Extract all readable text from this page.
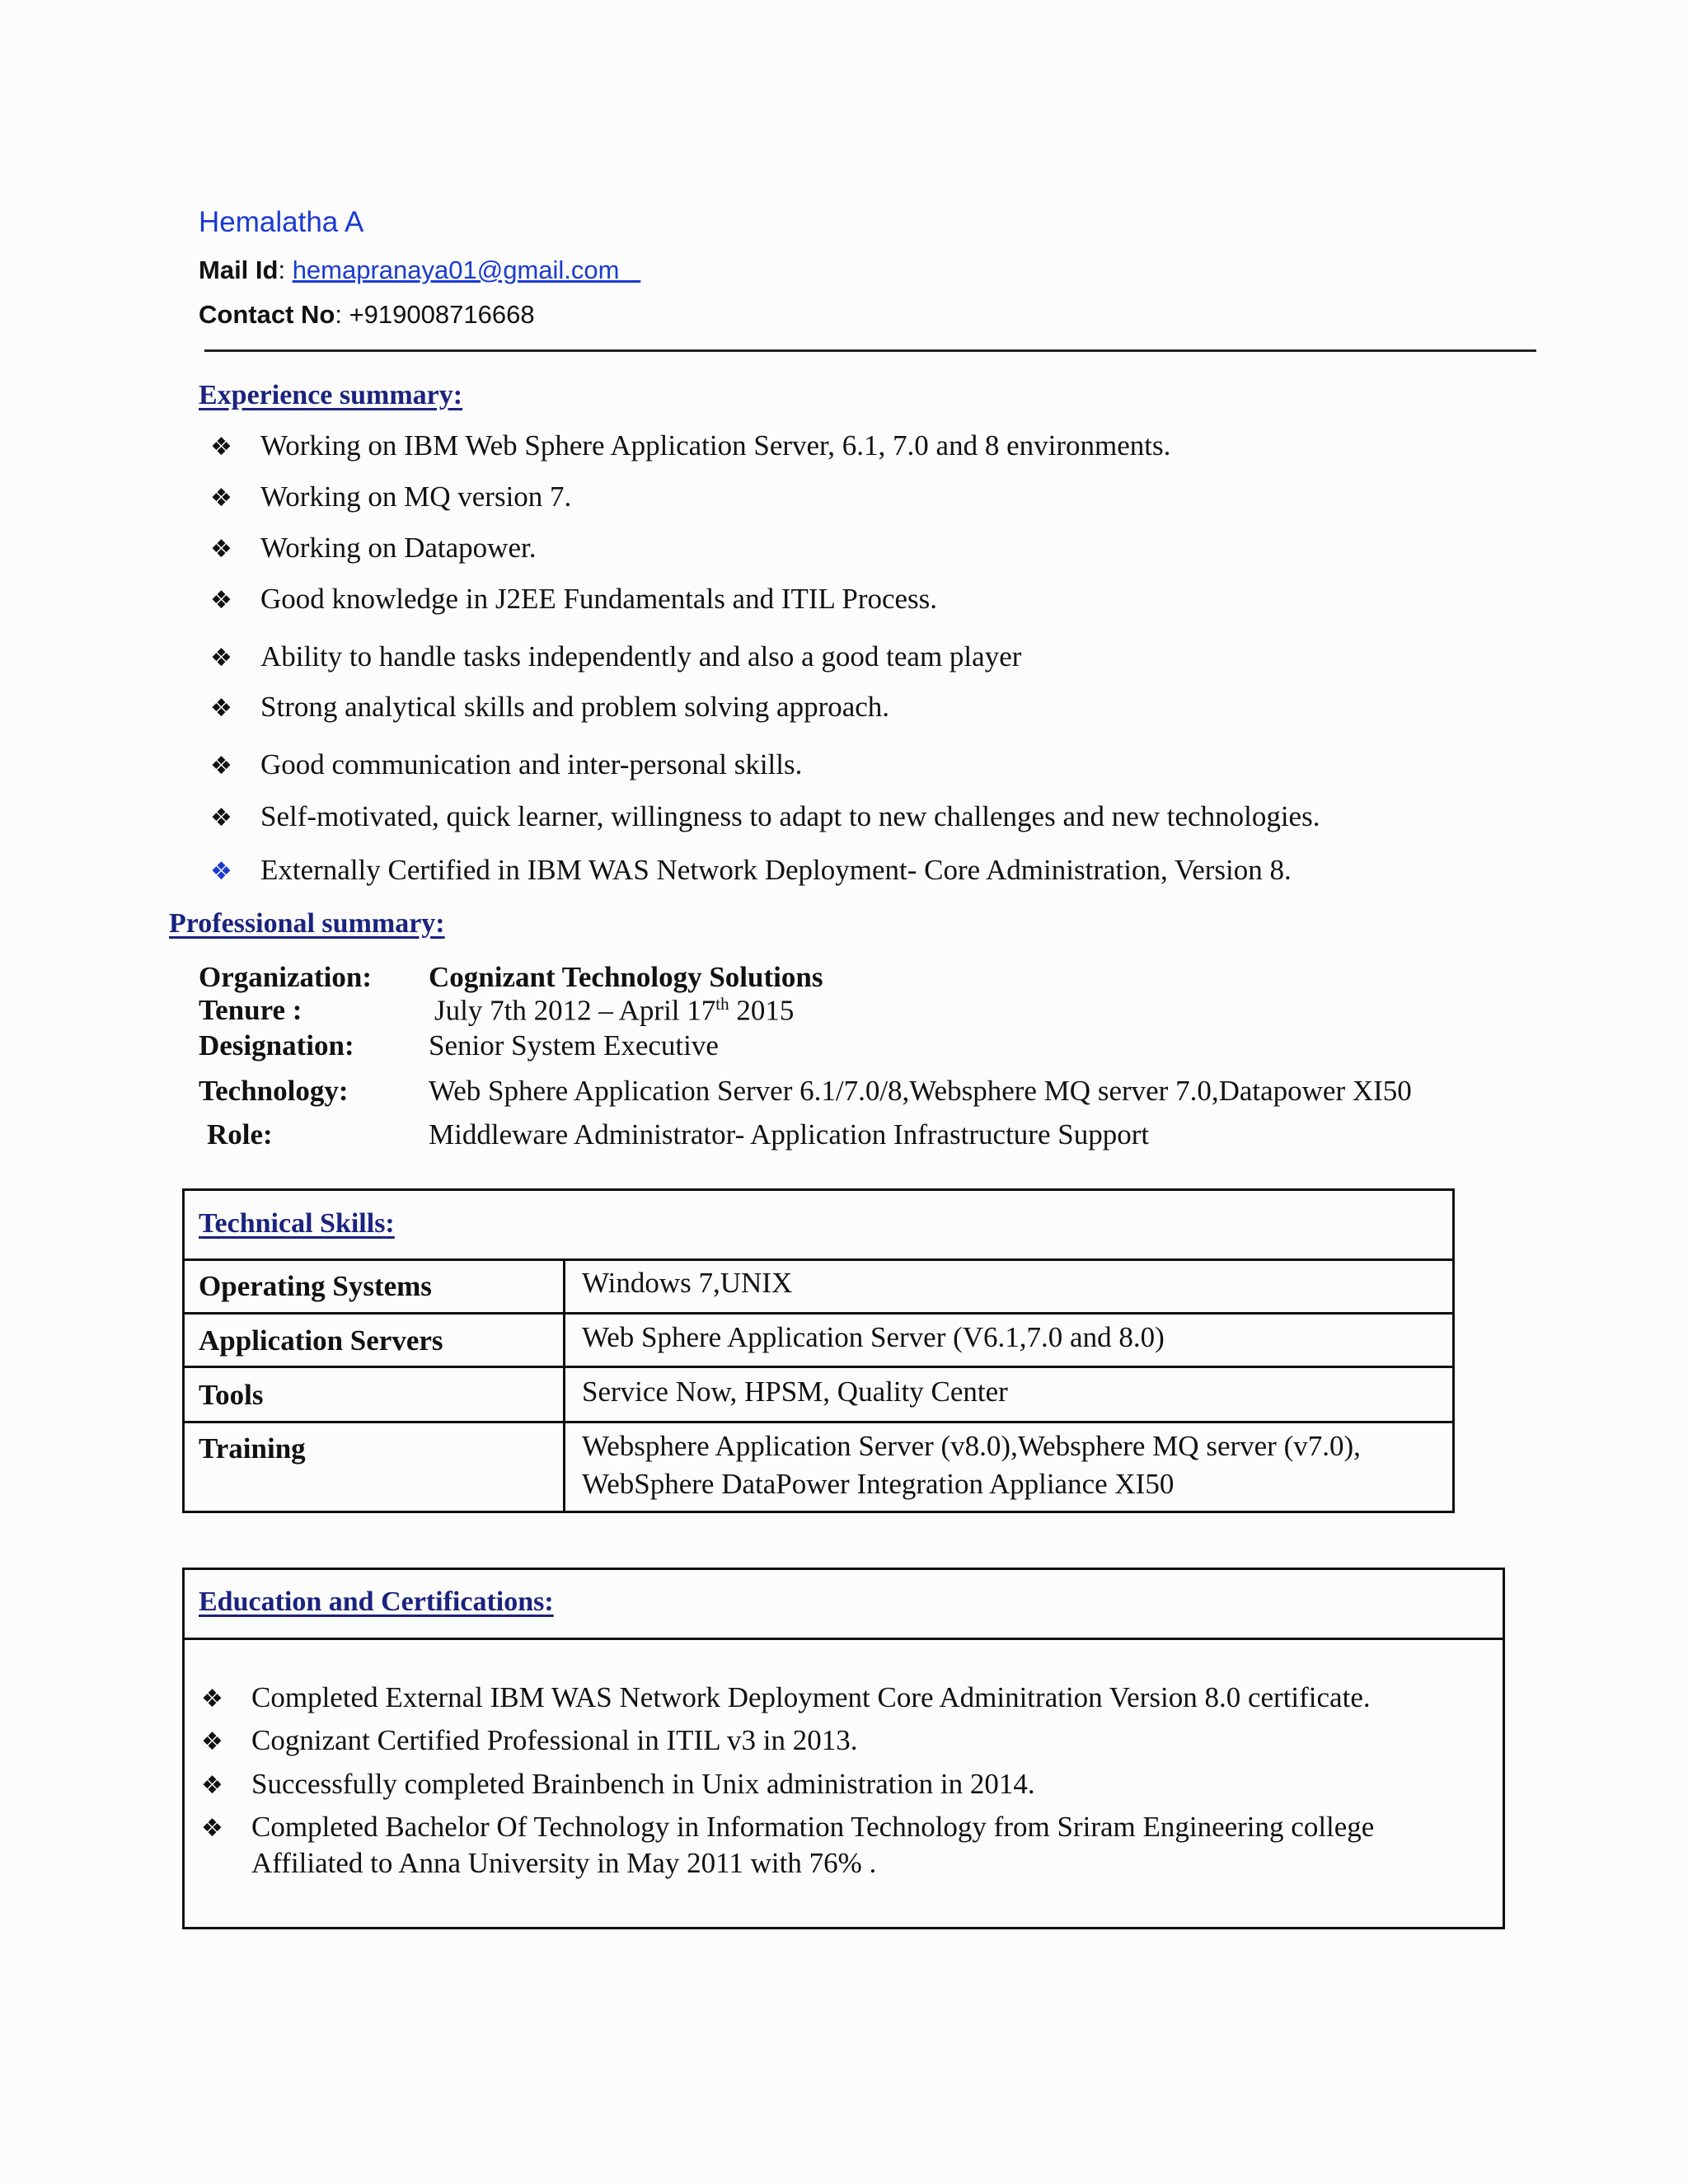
Hemalatha A
Mail Id: hemapranaya01@gmail.com
Contact No: +919008716668
Experience summary:
❖ Working on IBM Web Sphere Application Server, 6.1, 7.0 and 8 environments.
❖ Working on MQ version 7.
❖ Working on Datapower.
❖ Good knowledge in J2EE Fundamentals and ITIL Process.
❖ Ability to handle tasks independently and also a good team player
❖ Strong analytical skills and problem solving approach.
❖ Good communication and inter-personal skills.
❖ Self-motivated, quick learner, willingness to adapt to new challenges and new technologies.
❖ Externally Certified in IBM WAS Network Deployment- Core Administration, Version 8.
Professional summary:
Organization: Cognizant Technology Solutions
Tenure :	July 7th 2012 – April 17th 2015
Designation:	Senior System Executive
Technology:	Web Sphere Application Server 6.1/7.0/8,Websphere MQ server 7.0,Datapower XI50
Role:	Middleware Administrator- Application Infrastructure Support
Technical Skills:
Operating Systems	Windows 7,UNIX
Application Servers	Web Sphere Application Server (V6.1,7.0 and 8.0)
Tools	Service Now, HPSM, Quality Center
Training	Websphere Application Server (v8.0),Websphere MQ server (v7.0),
WebSphere DataPower Integration Appliance XI50
Education and Certifications:
❖ Completed External IBM WAS Network Deployment Core Adminitration Version 8.0 certificate.
❖ Cognizant Certified Professional in ITIL v3 in 2013.
❖ Successfully completed Brainbench in Unix administration in 2014.
❖ Completed Bachelor Of Technology in Information Technology from Sriram Engineering college
Affiliated to Anna University in May 2011 with 76% .
